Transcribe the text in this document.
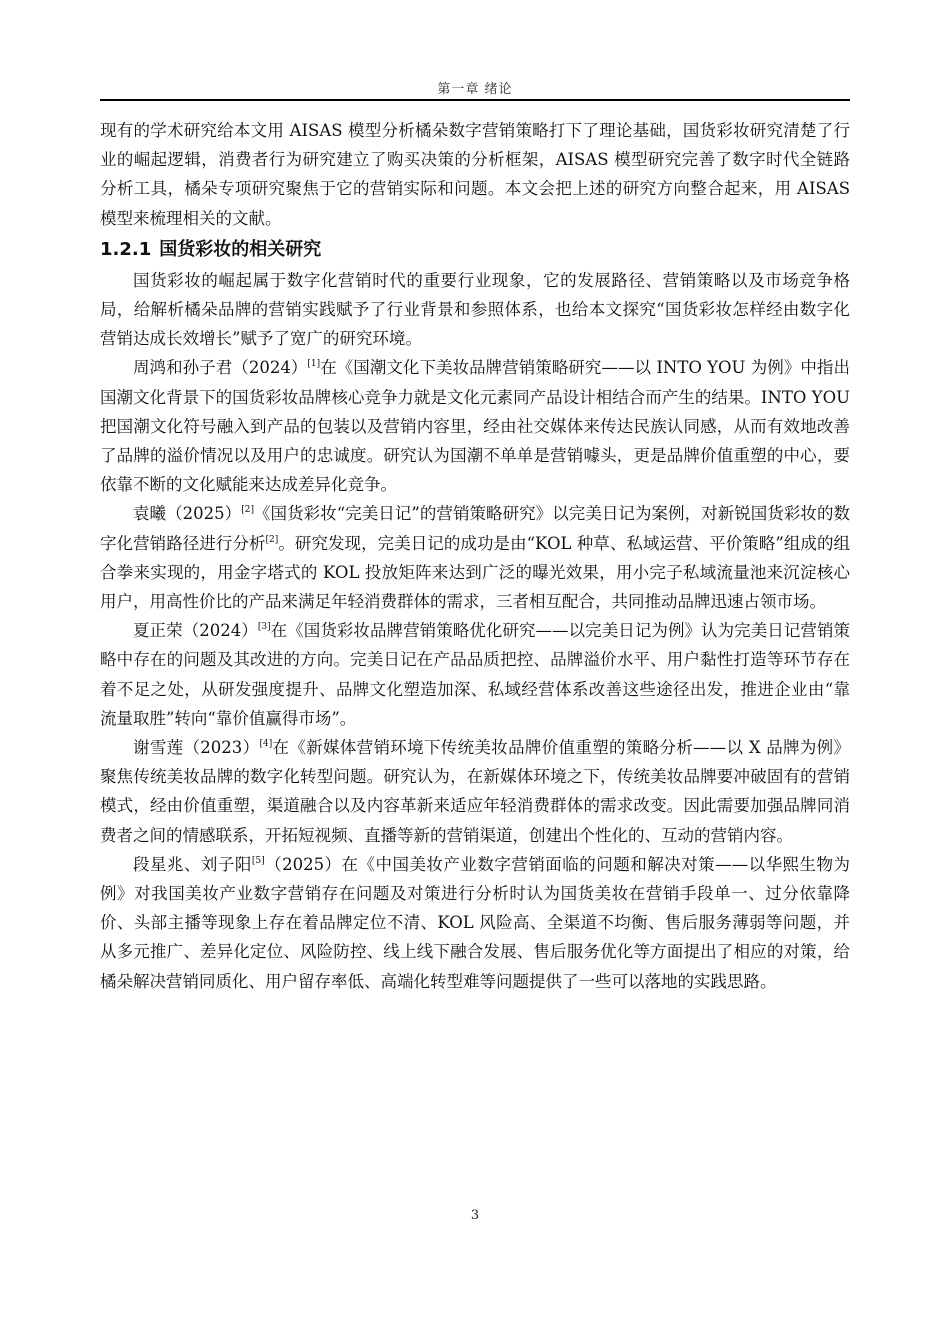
第一章 绪论

现有的学术研究给本文用 AISAS 模型分析橘朵数字营销策略打下了理论基础，国货彩妆研究清楚了行业的崛起逻辑，消费者行为研究建立了购买决策的分析框架，AISAS 模型研究完善了数字时代全链路分析工具，橘朵专项研究聚焦于它的营销实际和问题。本文会把上述的研究方向整合起来，用 AISAS 模型来梳理相关的文献。

1.2.1 国货彩妆的相关研究

国货彩妆的崛起属于数字化营销时代的重要行业现象，它的发展路径、营销策略以及市场竞争格局，给解析橘朵品牌的营销实践赋予了行业背景和参照体系，也给本文探究“国货彩妆怎样经由数字化营销达成长效增长”赋予了宽广的研究环境。

周鸿和孙子君（2024）[1]在《国潮文化下美妆品牌营销策略研究——以 INTO YOU 为例》中指出国潮文化背景下的国货彩妆品牌核心竞争力就是文化元素同产品设计相结合而产生的结果。INTO YOU 把国潮文化符号融入到产品的包装以及营销内容里，经由社交媒体来传达民族认同感，从而有效地改善了品牌的溢价情况以及用户的忠诚度。研究认为国潮不单单是营销噱头，更是品牌价值重塑的中心，要依靠不断的文化赋能来达成差异化竞争。

袁曦（2025）[2]《国货彩妆“完美日记”的营销策略研究》以完美日记为案例，对新锐国货彩妆的数字化营销路径进行分析[2]。研究发现，完美日记的成功是由“KOL 种草、私域运营、平价策略”组成的组合拳来实现的，用金字塔式的 KOL 投放矩阵来达到广泛的曝光效果，用小完子私域流量池来沉淀核心用户，用高性价比的产品来满足年轻消费群体的需求，三者相互配合，共同推动品牌迅速占领市场。

夏正荣（2024）[3]在《国货彩妆品牌营销策略优化研究——以完美日记为例》认为完美日记营销策略中存在的问题及其改进的方向。完美日记在产品品质把控、品牌溢价水平、用户黏性打造等环节存在着不足之处，从研发强度提升、品牌文化塑造加深、私域经营体系改善这些途径出发，推进企业由“靠流量取胜”转向“靠价值赢得市场”。

谢雪莲（2023）[4]在《新媒体营销环境下传统美妆品牌价值重塑的策略分析——以 X 品牌为例》聚焦传统美妆品牌的数字化转型问题。研究认为，在新媒体环境之下，传统美妆品牌要冲破固有的营销模式，经由价值重塑，渠道融合以及内容革新来适应年轻消费群体的需求改变。因此需要加强品牌同消费者之间的情感联系，开拓短视频、直播等新的营销渠道，创建出个性化的、互动的营销内容。

段星兆、刘子阳[5]（2025）在《中国美妆产业数字营销面临的问题和解决对策——以华熙生物为例》对我国美妆产业数字营销存在问题及对策进行分析时认为国货美妆在营销手段单一、过分依靠降价、头部主播等现象上存在着品牌定位不清、KOL 风险高、全渠道不均衡、售后服务薄弱等问题，并从多元推广、差异化定位、风险防控、线上线下融合发展、售后服务优化等方面提出了相应的对策，给橘朵解决营销同质化、用户留存率低、高端化转型难等问题提供了一些可以落地的实践思路。

3
